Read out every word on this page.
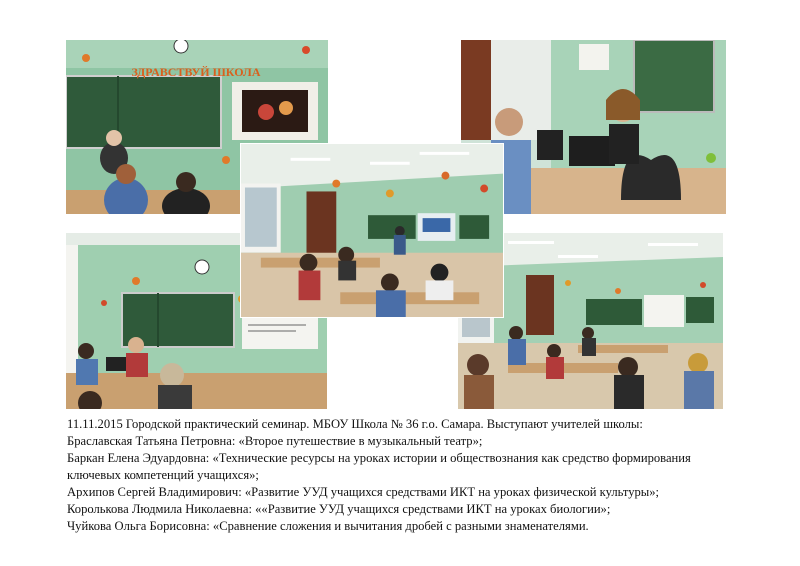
ЗДРАВСТВУЙ ШКОЛА

11.11.2015 Городской практический семинар. МБОУ Школа № 36 г.о. Самара. Выступают учителей школы:

Браславская Татьяна Петровна: «Второе путешествие в музыкальный театр»;

Баркан Елена Эдуардовна: «Технические ресурсы на уроках истории и обществознания как средство формирования ключевых компетенций учащихся»;

Архипов Сергей Владимирович: «Развитие УУД учащихся средствами ИКТ на уроках физической культуры»;

Королькова Людмила Николаевна: ««Развитие УУД учащихся средствами ИКТ на уроках биологии»;

Чуйкова Ольга Борисовна: «Сравнение сложения и вычитания дробей с разными знаменателями.
